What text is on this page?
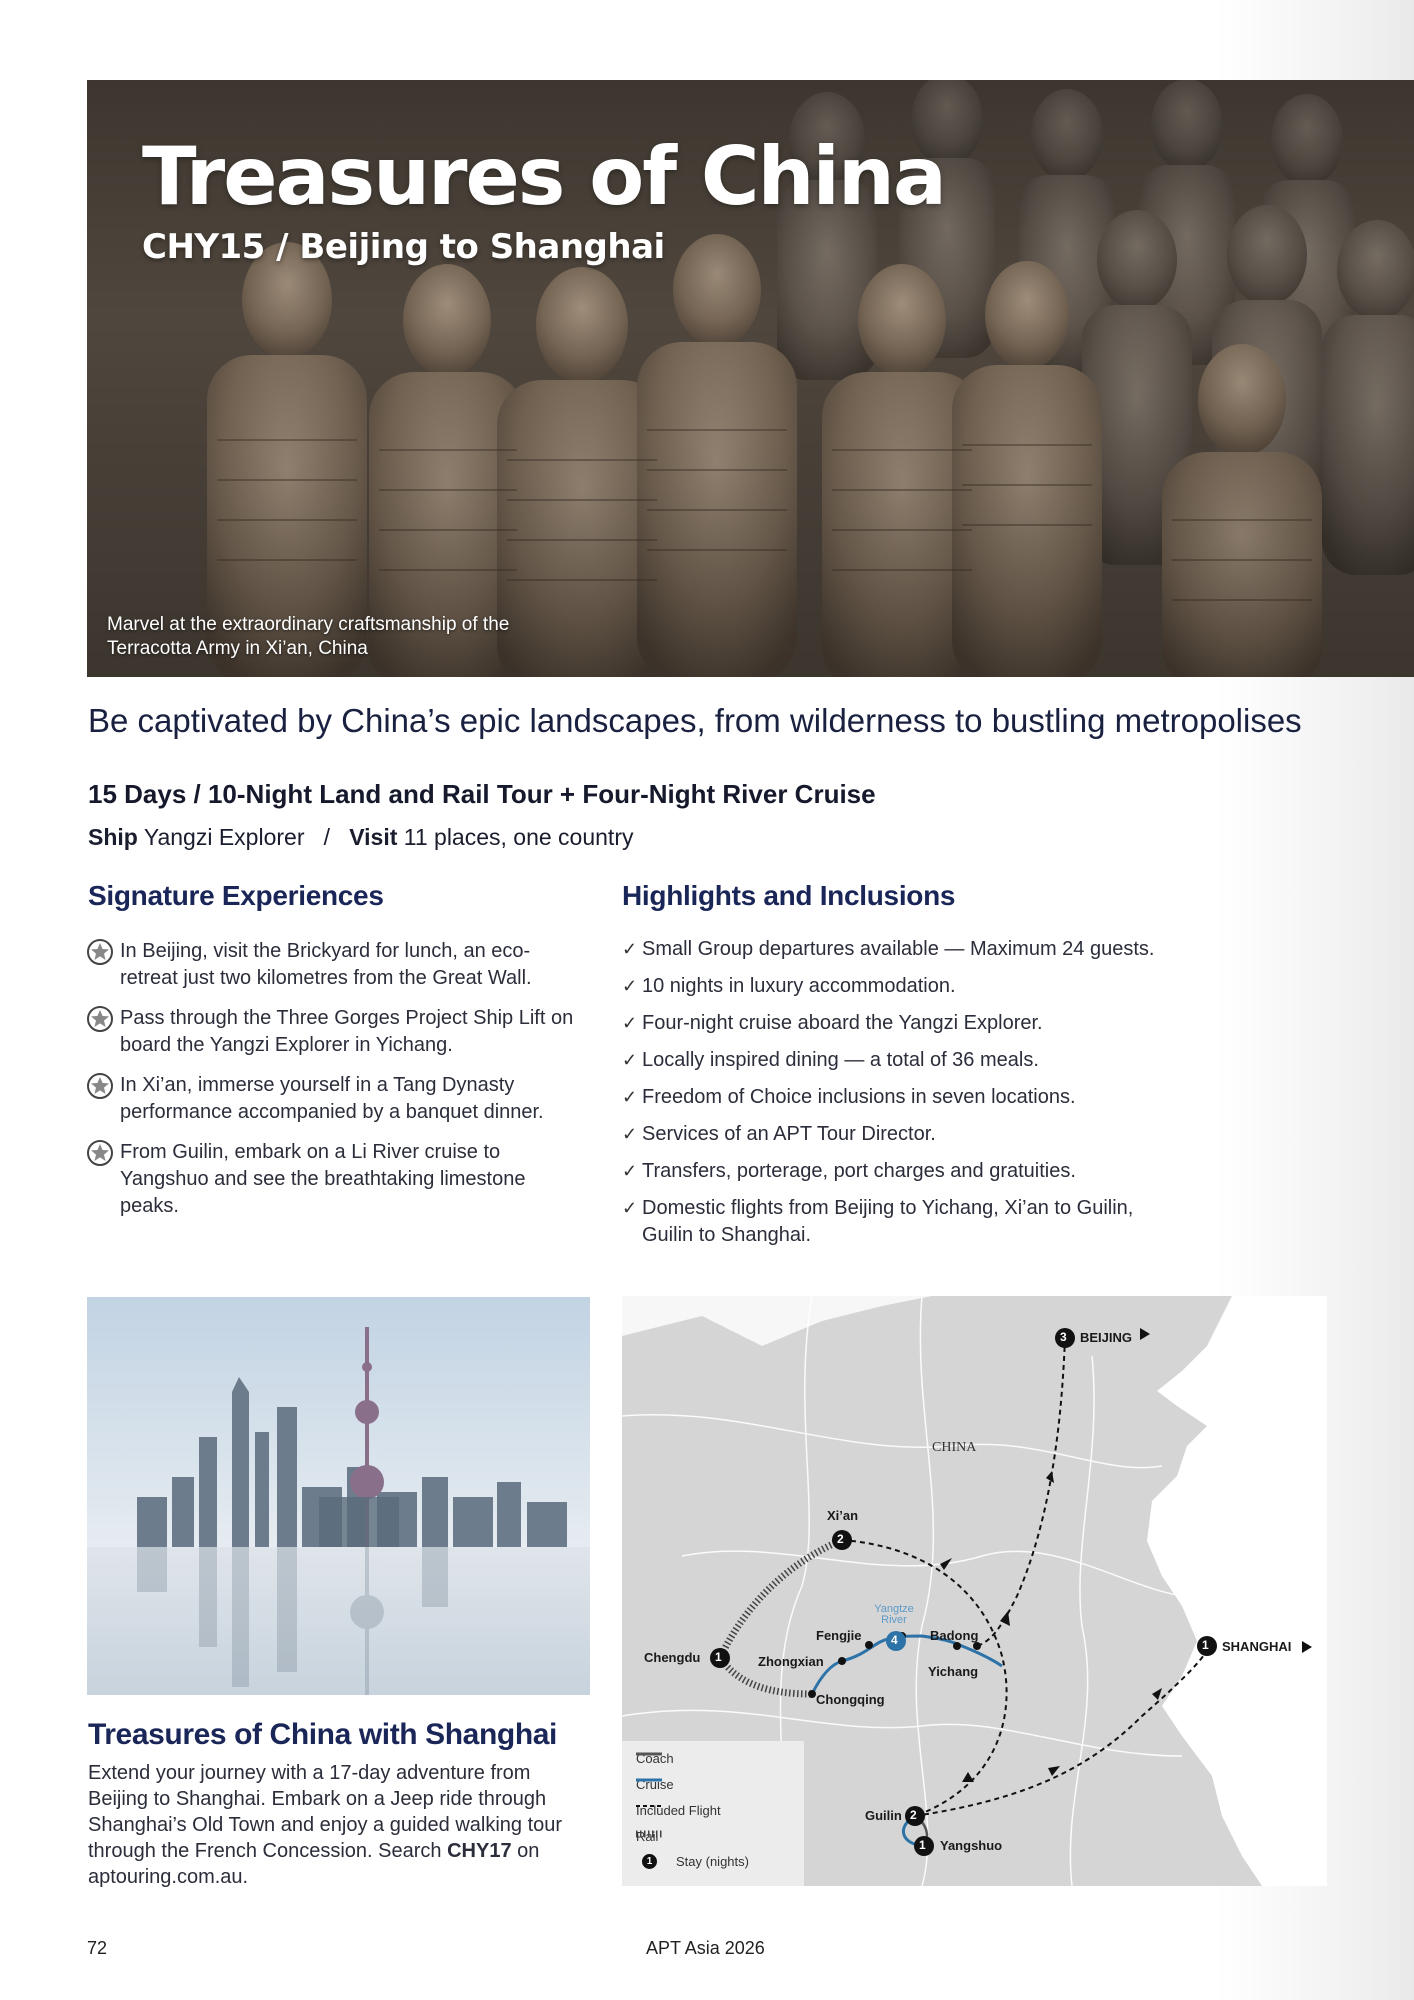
Treasures of China
CHY15 / Beijing to Shanghai
Marvel at the extraordinary craftsmanship of the Terracotta Army in Xi’an, China
Be captivated by China’s epic landscapes, from wilderness to bustling metropolises
15 Days / 10-Night Land and Rail Tour + Four-Night River Cruise
Ship Yangzi Explorer / Visit 11 places, one country
Signature Experiences

In Beijing, visit the Brickyard for lunch, an eco-retreat just two kilometres from the Great Wall.

Pass through the Three Gorges Project Ship Lift on board the Yangzi Explorer in Yichang.

In Xi’an, immerse yourself in a Tang Dynasty performance accompanied by a banquet dinner.

From Guilin, embark on a Li River cruise to Yangshuo and see the breathtaking limestone peaks.

Highlights and Inclusions
✓ Small Group departures available — Maximum 24 guests.

✓ 10 nights in luxury accommodation.

✓ Four-night cruise aboard the Yangzi Explorer.

✓ Locally inspired dining — a total of 36 meals.

✓ Freedom of Choice inclusions in seven locations.

✓ Services of an APT Tour Director.

✓ Transfers, porterage, port charges and gratuities.

✓ Domestic flights from Beijing to Yichang, Xi’an to Guilin, Guilin to Shanghai.

Treasures of China with Shanghai
Extend your journey with a 17-day adventure from Beijing to Shanghai. Embark on a Jeep ride through Shanghai’s Old Town and enjoy a guided walking tour through the French Concession. Search CHY17 on aptouring.com.au.
3
2
1
4	1
2
1
BEIJING
CHINA
Xi’an
Chengdu
Yangtze
River
Fengjie	Badong
Zhongxian
Yichang
Chongqing
SHANGHAI
Guilin
Yangshuo
Coach
Cruise
Included Flight
Rail
1	Stay (nights)
72	APT Asia 2026
